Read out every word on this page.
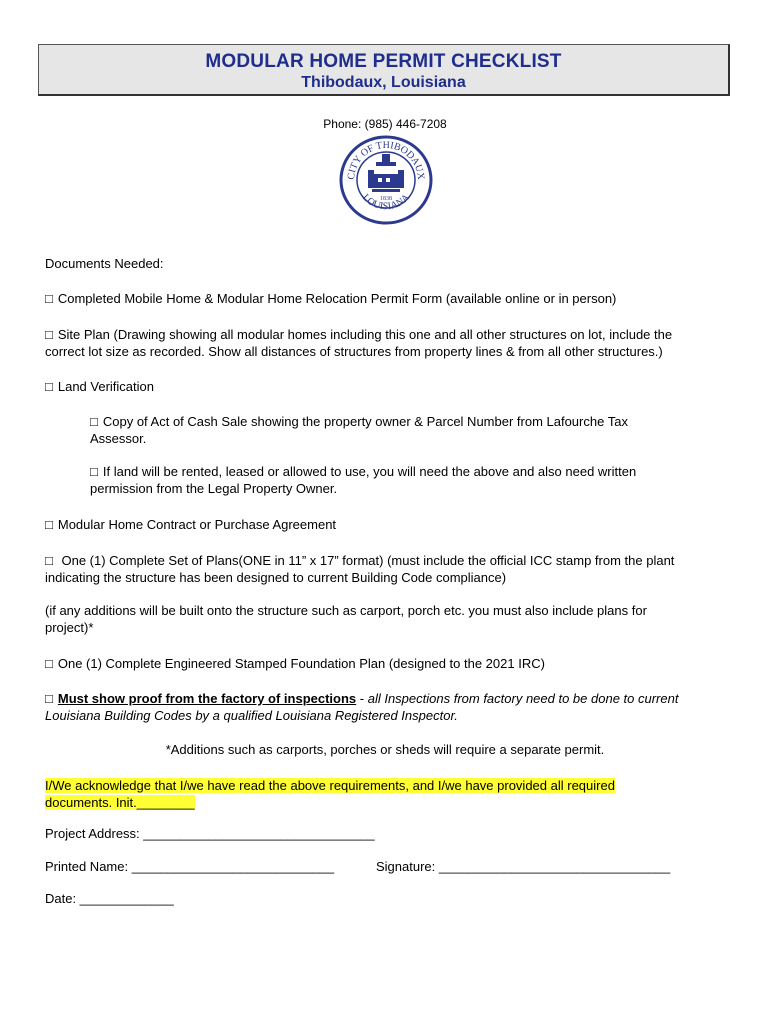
MODULAR HOME PERMIT CHECKLIST
Thibodaux, Louisiana
Phone: (985) 446-7208
CITY OF THIBODAUX
LOUISIANA
1838
Documents Needed:
□ Completed Mobile Home & Modular Home Relocation Permit Form (available online or in person)
□ Site Plan (Drawing showing all modular homes including this one and all other structures on lot, include the
correct lot size as recorded. Show all distances of structures from property lines & from all other structures.)
□ Land Verification
□ Copy of Act of Cash Sale showing the property owner & Parcel Number from Lafourche Tax
Assessor.
□ If land will be rented, leased or allowed to use, you will need the above and also need written
permission from the Legal Property Owner.
□ Modular Home Contract or Purchase Agreement
□ One (1) Complete Set of Plans(ONE in 11” x 17” format) (must include the official ICC stamp from the plant
indicating the structure has been designed to current Building Code compliance)
(if any additions will be built onto the structure such as carport, porch etc. you must also include plans for
project)*
□ One (1) Complete Engineered Stamped Foundation Plan (designed to the 2021 IRC)
□ Must show proof from the factory of inspections - all Inspections from factory need to be done to current
Louisiana Building Codes by a qualified Louisiana Registered Inspector.
*Additions such as carports, porches or sheds will require a separate permit.
I/We acknowledge that I/we have read the above requirements, and I/we have provided all required
documents. Init.________
Project Address: ________________________________
Printed Name: ____________________________	Signature: ________________________________
Date: _____________
